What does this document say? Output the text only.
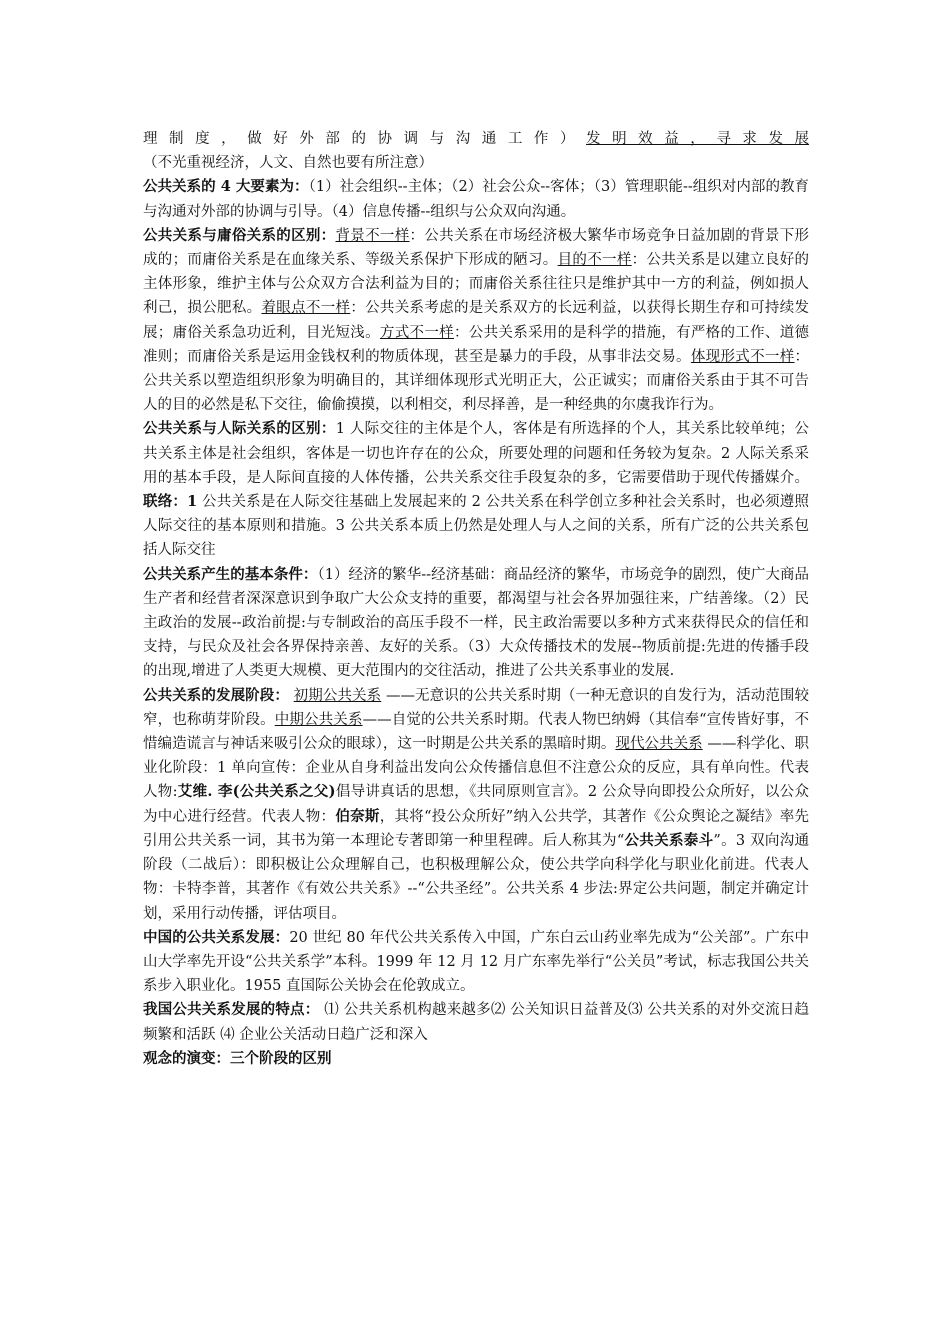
理制度，做好外部的协调与沟通工作）发明效益，寻求发展（不光重视经济，人文、自然也要有所注意）

公共关系的 4 大要素为：（1）社会组织--主体；（2）社会公众--客体；（3）管理职能--组织对内部的教育与沟通对外部的协调与引导。（4）信息传播--组织与公众双向沟通。

公共关系与庸俗关系的区别：背景不一样：公共关系在市场经济极大繁华市场竞争日益加剧的背景下形成的；而庸俗关系是在血缘关系、等级关系保护下形成的陋习。目的不一样：公共关系是以建立良好的主体形象，维护主体与公众双方合法利益为目的；而庸俗关系往往只是维护其中一方的利益，例如损人利己，损公肥私。着眼点不一样：公共关系考虑的是关系双方的长远利益，以获得长期生存和可持续发展；庸俗关系急功近利，目光短浅。方式不一样：公共关系采用的是科学的措施，有严格的工作、道德准则；而庸俗关系是运用金钱权利的物质体现，甚至是暴力的手段，从事非法交易。体现形式不一样：公共关系以塑造组织形象为明确目的，其详细体现形式光明正大，公正诚实；而庸俗关系由于其不可告人的目的必然是私下交往，偷偷摸摸，以利相交，利尽择善，是一种经典的尔虞我诈行为。

公共关系与人际关系的区别：1 人际交往的主体是个人，客体是有所选择的个人，其关系比较单纯；公共关系主体是社会组织，客体是一切也许存在的公众，所要处理的问题和任务较为复杂。2 人际关系采用的基本手段，是人际间直接的人体传播，公共关系交往手段复杂的多，它需要借助于现代传播媒介。联络：1 公共关系是在人际交往基础上发展起来的 2 公共关系在科学创立多种社会关系时，也必须遵照人际交往的基本原则和措施。3 公共关系本质上仍然是处理人与人之间的关系，所有广泛的公共关系包括人际交往

公共关系产生的基本条件：（1）经济的繁华--经济基础：商品经济的繁华，市场竞争的剧烈，使广大商品生产者和经营者深深意识到争取广大公众支持的重要，都渴望与社会各界加强往来，广结善缘。（2）民主政治的发展--政治前提:与专制政治的高压手段不一样，民主政治需要以多种方式来获得民众的信任和支持，与民众及社会各界保持亲善、友好的关系。（3）大众传播技术的发展--物质前提:先进的传播手段的出现,增进了人类更大规模、更大范围内的交往活动，推进了公共关系事业的发展.

公共关系的发展阶段： 初期公共关系 ——无意识的公共关系时期（一种无意识的自发行为，活动范围较窄，也称萌芽阶段。中期公共关系——自觉的公共关系时期。代表人物巴纳姆（其信奉“宣传皆好事，不惜编造谎言与神话来吸引公众的眼球），这一时期是公共关系的黑暗时期。现代公共关系 ——科学化、职业化阶段：1 单向宣传：企业从自身利益出发向公众传播信息但不注意公众的反应，具有单向性。代表人物:艾维. 李(公共关系之父)倡导讲真话的思想，《共同原则宣言》。2 公众导向即投公众所好，以公众为中心进行经营。代表人物：伯奈斯，其将“投公众所好”纳入公共学，其著作《公众舆论之凝结》率先引用公共关系一词，其书为第一本理论专著即第一种里程碑。后人称其为“公共关系泰斗”。3 双向沟通阶段（二战后）：即积极让公众理解自己，也积极理解公众，使公共学向科学化与职业化前进。代表人物：卡特李普，其著作《有效公共关系》--“公共圣经”。公共关系 4 步法:界定公共问题，制定并确定计划，采用行动传播，评估项目。

中国的公共关系发展：20 世纪 80 年代公共关系传入中国，广东白云山药业率先成为“公关部”。广东中山大学率先开设“公共关系学”本科。1999 年 12 月 12 月广东率先举行“公关员”考试，标志我国公共关系步入职业化。1955 直国际公关协会在伦敦成立。

我国公共关系发展的特点： ⑴ 公共关系机构越来越多⑵ 公关知识日益普及⑶ 公共关系的对外交流日趋频繁和活跃 ⑷ 企业公关活动日趋广泛和深入

观念的演变：三个阶段的区别
